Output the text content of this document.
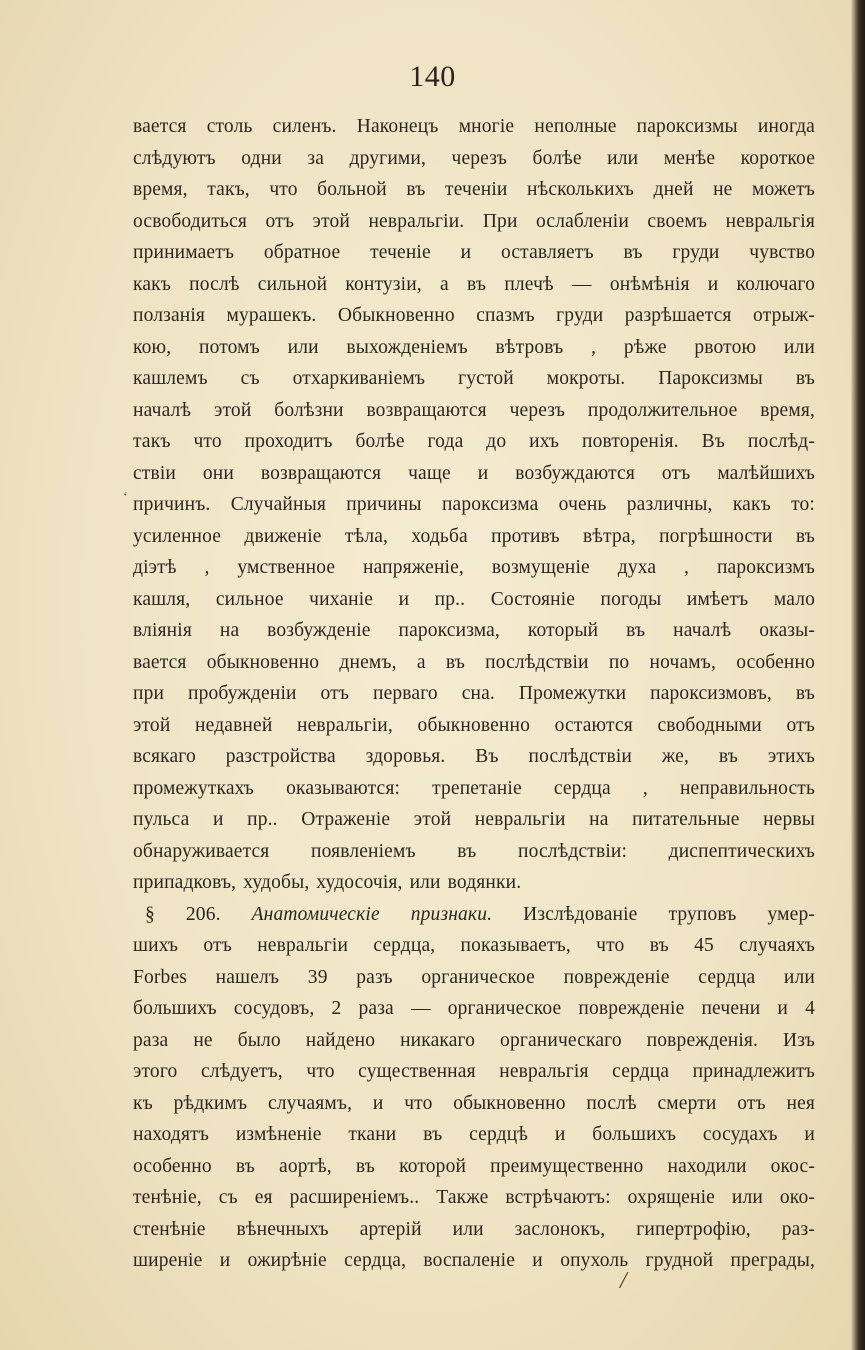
140
вается столь силенъ. Наконецъ многіе неполные пароксизмы иногда
слѣдуютъ одни за другими, черезъ болѣе или менѣе короткое
время, такъ, что больной въ теченіи нѣсколькихъ дней не можетъ
освободиться отъ этой невральгіи. При ослабленіи своемъ невральгія
принимаетъ обратное теченіе и оставляетъ въ груди чувство
какъ послѣ сильной контузіи, а въ плечѣ — онѣмѣнія и колючаго
ползанія мурашекъ. Обыкновенно спазмъ груди разрѣшается отрыж-
кою, потомъ или выхожденіемъ вѣтровъ , рѣже рвотою или
кашлемъ съ отхаркиваніемъ густой мокроты. Пароксизмы въ
началѣ этой болѣзни возвращаются черезъ продолжительное время,
такъ что проходитъ болѣе года до ихъ повторенія. Въ послѣд-
ствіи они возвращаются чаще и возбуждаются отъ малѣйшихъ
причинъ. Случайныя причины пароксизма очень различны, какъ то:
усиленное движеніе тѣла, ходьба противъ вѣтра, погрѣшности въ
діэтѣ , умственное напряженіе, возмущеніе духа , пароксизмъ
кашля, сильное чиханіе и пр.. Состояніе погоды имѣетъ мало
вліянія на возбужденіе пароксизма, который въ началѣ оказы-
вается обыкновенно днемъ, а въ послѣдствіи по ночамъ, особенно
при пробужденіи отъ перваго сна. Промежутки пароксизмовъ, въ
этой недавней невральгіи, обыкновенно остаются свободными отъ
всякаго разстройства здоровья. Въ послѣдствіи же, въ этихъ
промежуткахъ оказываются: трепетаніе сердца , неправильность
пульса и пр.. Отраженіе этой невральгіи на питательные нервы
обнаруживается появленіемъ въ послѣдствіи: диспептическихъ
припадковъ, худобы, худосочія, или водянки.
§ 206. Анатомическіе признаки. Изслѣдованіе труповъ умер-
шихъ отъ невральгіи сердца, показываетъ, что въ 45 случаяхъ
Forbes нашелъ 39 разъ органическое поврежденіе сердца или
большихъ сосудовъ, 2 раза — органическое поврежденіе печени и 4
раза не было найдено никакаго органическаго поврежденія. Изъ
этого слѣдуетъ, что существенная невральгія сердца принадлежитъ
къ рѣдкимъ случаямъ, и что обыкновенно послѣ смерти отъ нея
находятъ измѣненіе ткани въ сердцѣ и большихъ сосудахъ и
особенно въ аортѣ, въ которой преимущественно находили окос-
тенѣніе, съ ея расширеніемъ.. Также встрѣчаютъ: охрященіе или око-
стенѣніе вѣнечныхъ артерій или заслонокъ, гипертрофію, раз-
ширеніе и ожирѣніе сердца, воспаленіе и опухоль грудной преграды,
‘
/
